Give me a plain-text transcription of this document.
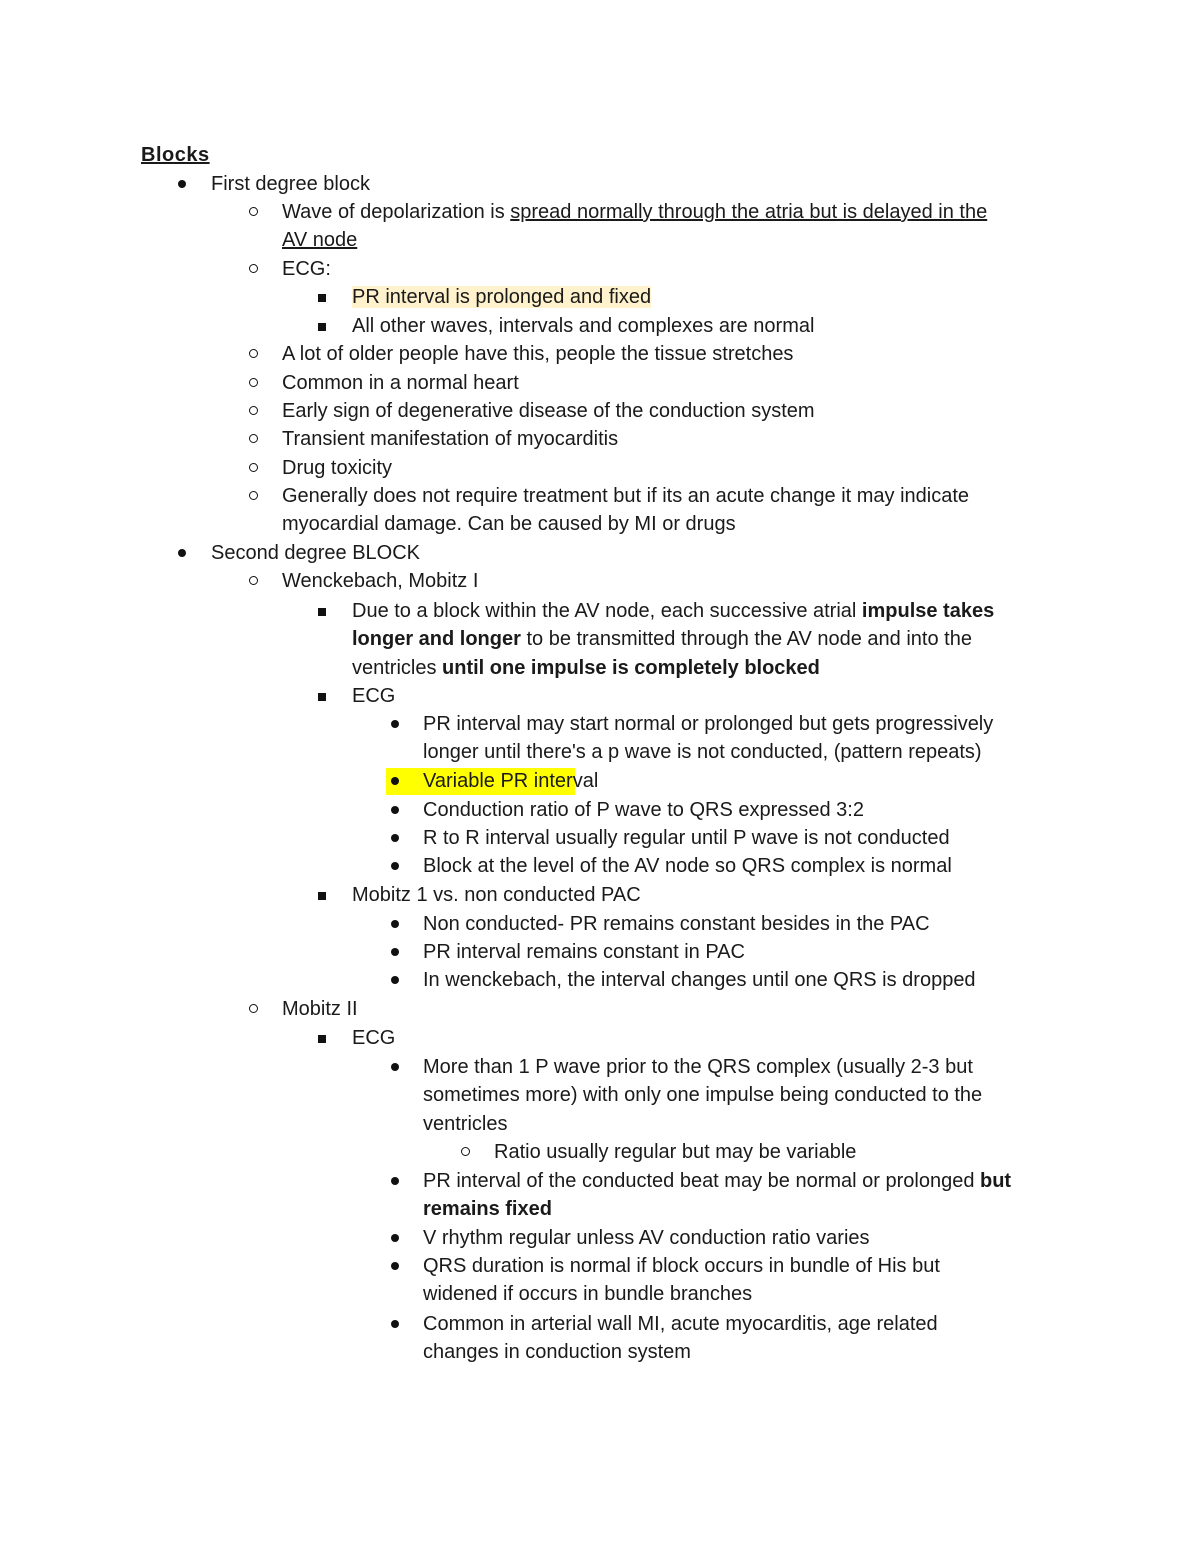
Blocks
First degree block
Wave of depolarization is spread normally through the atria but is delayed in the
AV node
ECG:
PR interval is prolonged and fixed
All other waves, intervals and complexes are normal
A lot of older people have this, people the tissue stretches
Common in a normal heart
Early sign of degenerative disease of the conduction system
Transient manifestation of myocarditis
Drug toxicity
Generally does not require treatment but if its an acute change it may indicate
myocardial damage. Can be caused by MI or drugs
Second degree BLOCK
Wenckebach, Mobitz I
Due to a block within the AV node, each successive atrial impulse takes
longer and longer to be transmitted through the AV node and into the
ventricles until one impulse is completely blocked
ECG
PR interval may start normal or prolonged but gets progressively
longer until there's a p wave is not conducted, (pattern repeats)
Variable PR interval
Conduction ratio of P wave to QRS expressed 3:2
R to R interval usually regular until P wave is not conducted
Block at the level of the AV node so QRS complex is normal
Mobitz 1 vs. non conducted PAC
Non conducted- PR remains constant besides in the PAC
PR interval remains constant in PAC
In wenckebach, the interval changes until one QRS is dropped
Mobitz II
ECG
More than 1 P wave prior to the QRS complex (usually 2-3 but
sometimes more) with only one impulse being conducted to the
ventricles
Ratio usually regular but may be variable
PR interval of the conducted beat may be normal or prolonged but
remains fixed
V rhythm regular unless AV conduction ratio varies
QRS duration is normal if block occurs in bundle of His but
widened if occurs in bundle branches
Common in arterial wall MI, acute myocarditis, age related
changes in conduction system
